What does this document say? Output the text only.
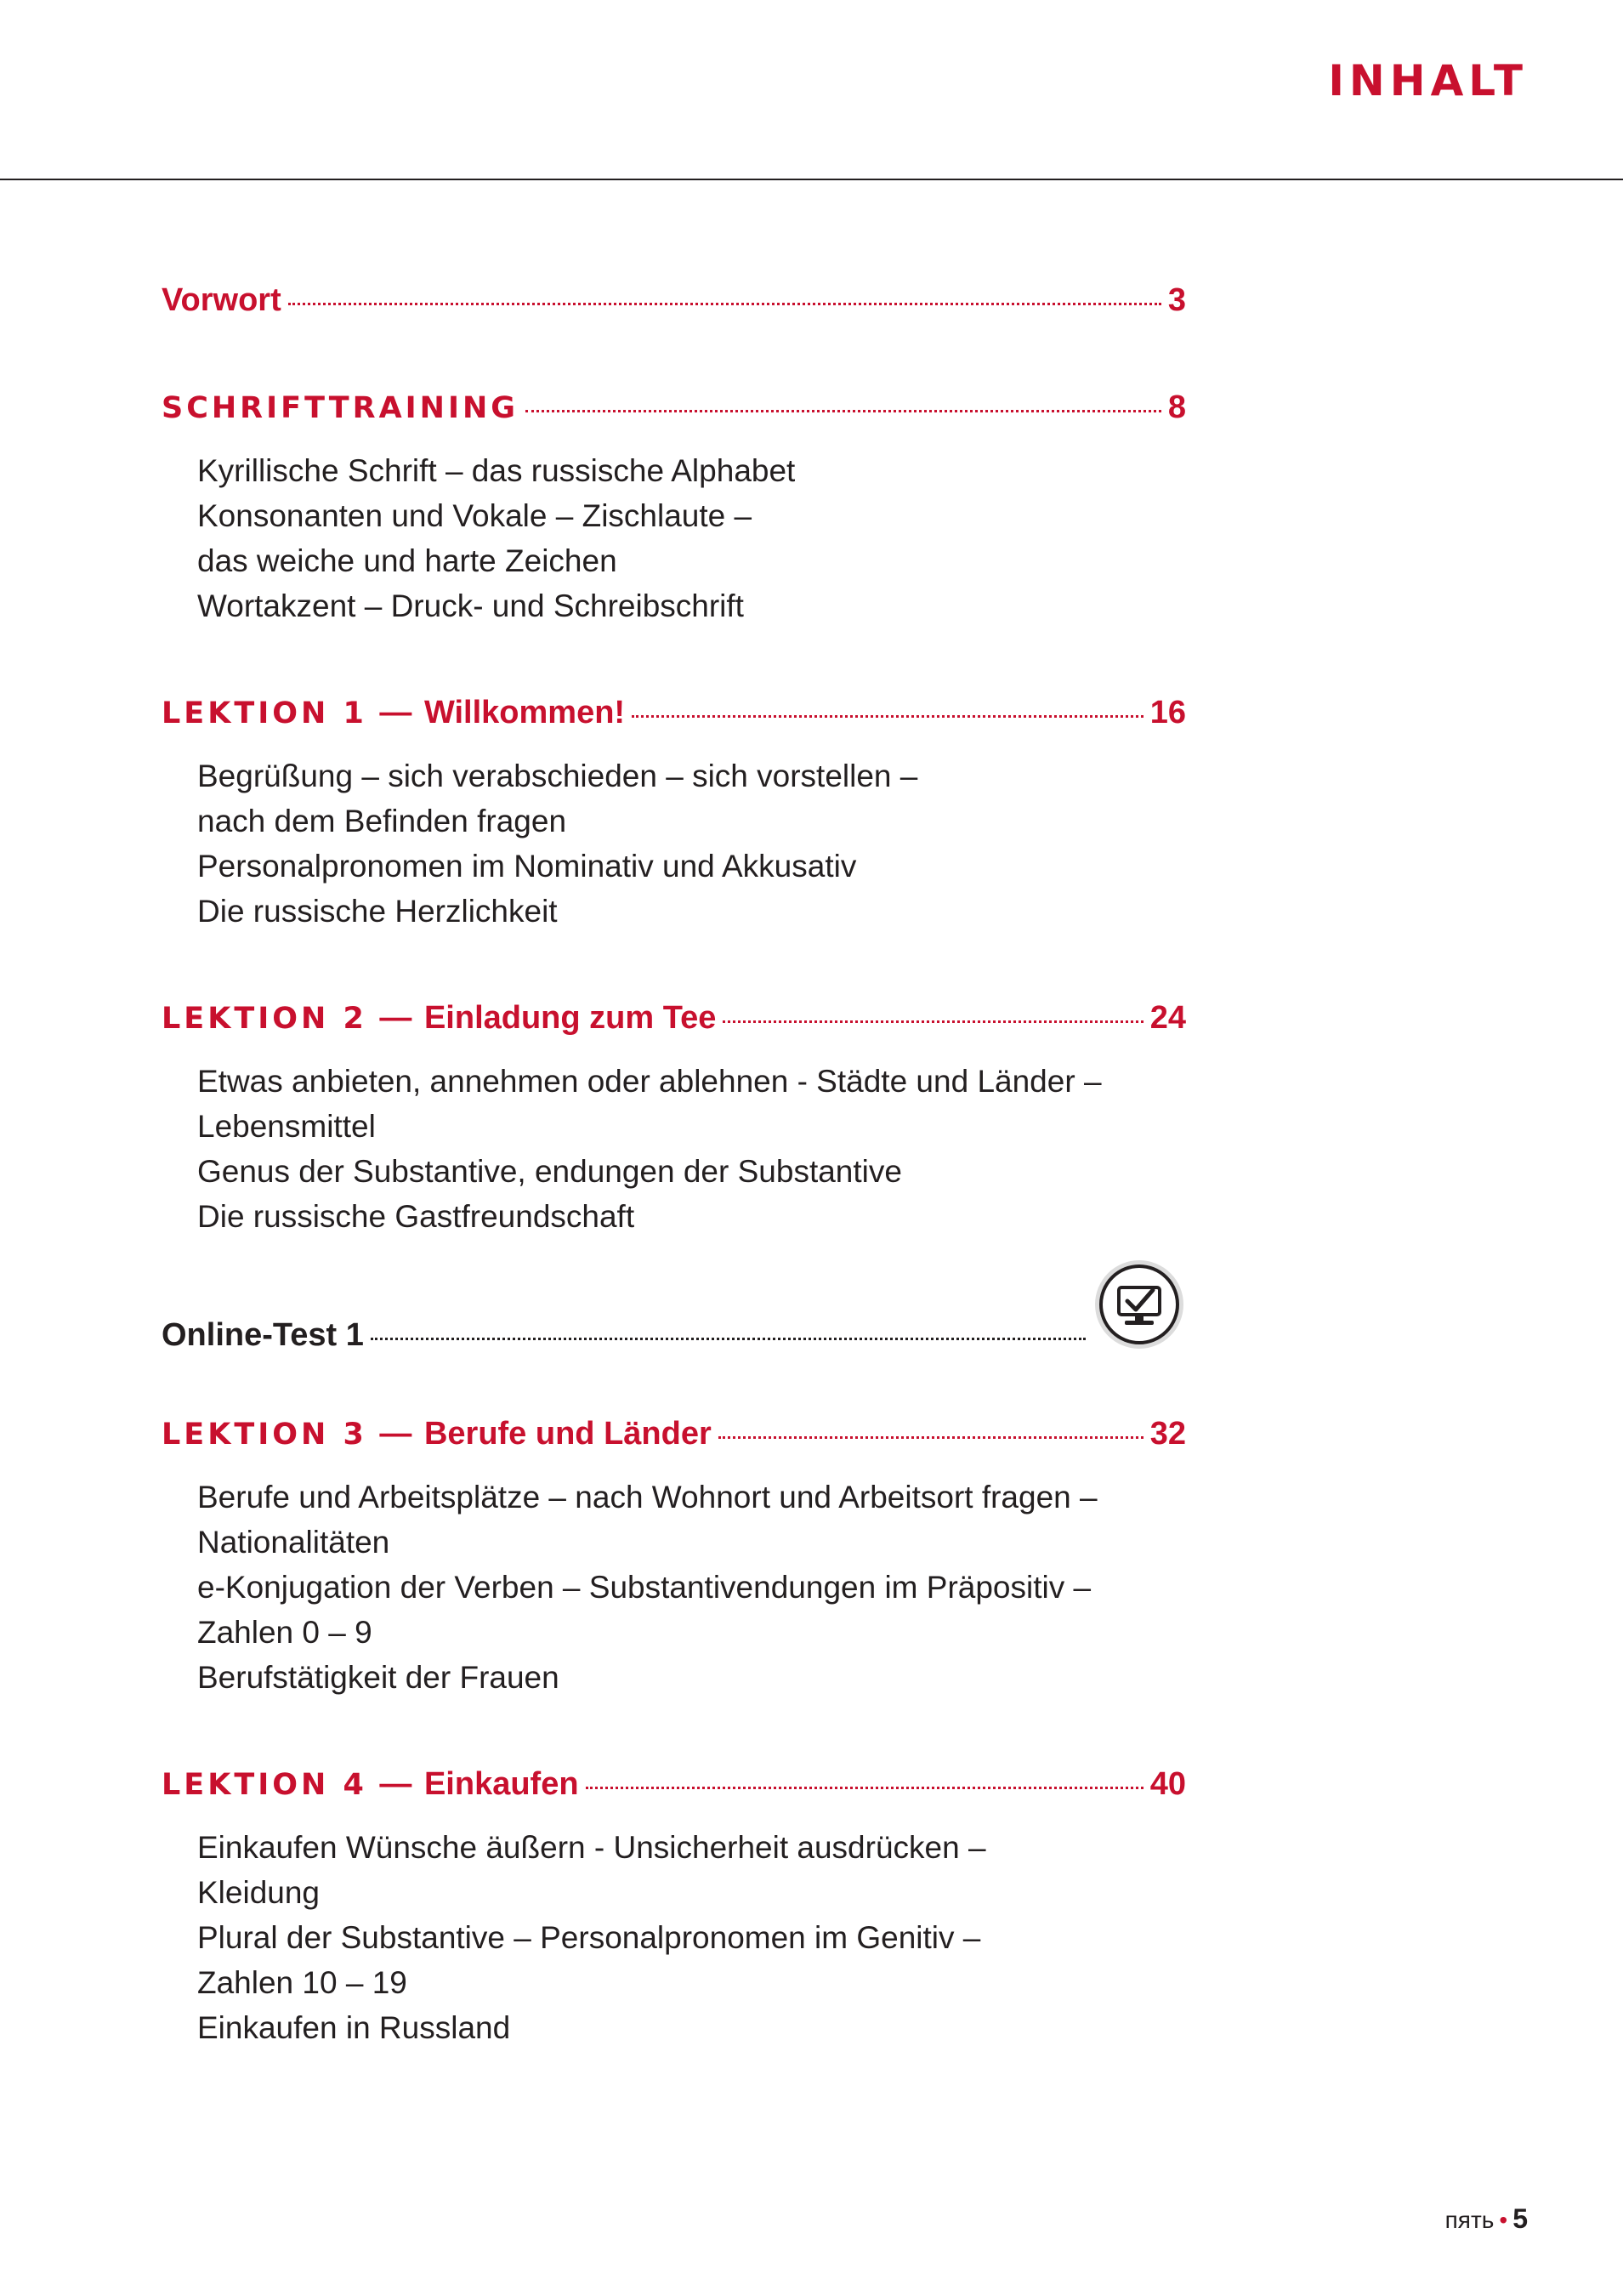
INHALT
Vorwort	3
SCHRIFTTRAINING	8
Kyrillische Schrift – das russische Alphabet
Konsonanten und Vokale – Zischlaute –
das weiche und harte Zeichen
Wortakzent – Druck- und Schreibschrift
LEKTION 1 — Willkommen!	16
Begrüßung – sich verabschieden – sich vorstellen –
nach dem Befinden fragen
Personalpronomen im Nominativ und Akkusativ
Die russische Herzlichkeit
LEKTION 2 — Einladung zum Tee	24
Etwas anbieten, annehmen oder ablehnen - Städte und Länder –
Lebensmittel
Genus der Substantive, endungen der Substantive
Die russische Gastfreundschaft
Online-Test 1
LEKTION 3 — Berufe und Länder	32
Berufe und Arbeitsplätze – nach Wohnort und Arbeitsort fragen –
Nationalitäten
e-Konjugation der Verben – Substantivendungen im Präpositiv –
Zahlen 0 – 9
Berufstätigkeit der Frauen
LEKTION 4 — Einkaufen	40
Einkaufen Wünsche äußern - Unsicherheit ausdrücken –
Kleidung
Plural der Substantive – Personalpronomen im Genitiv –
Zahlen 10 – 19
Einkaufen in Russland
пять • 5
